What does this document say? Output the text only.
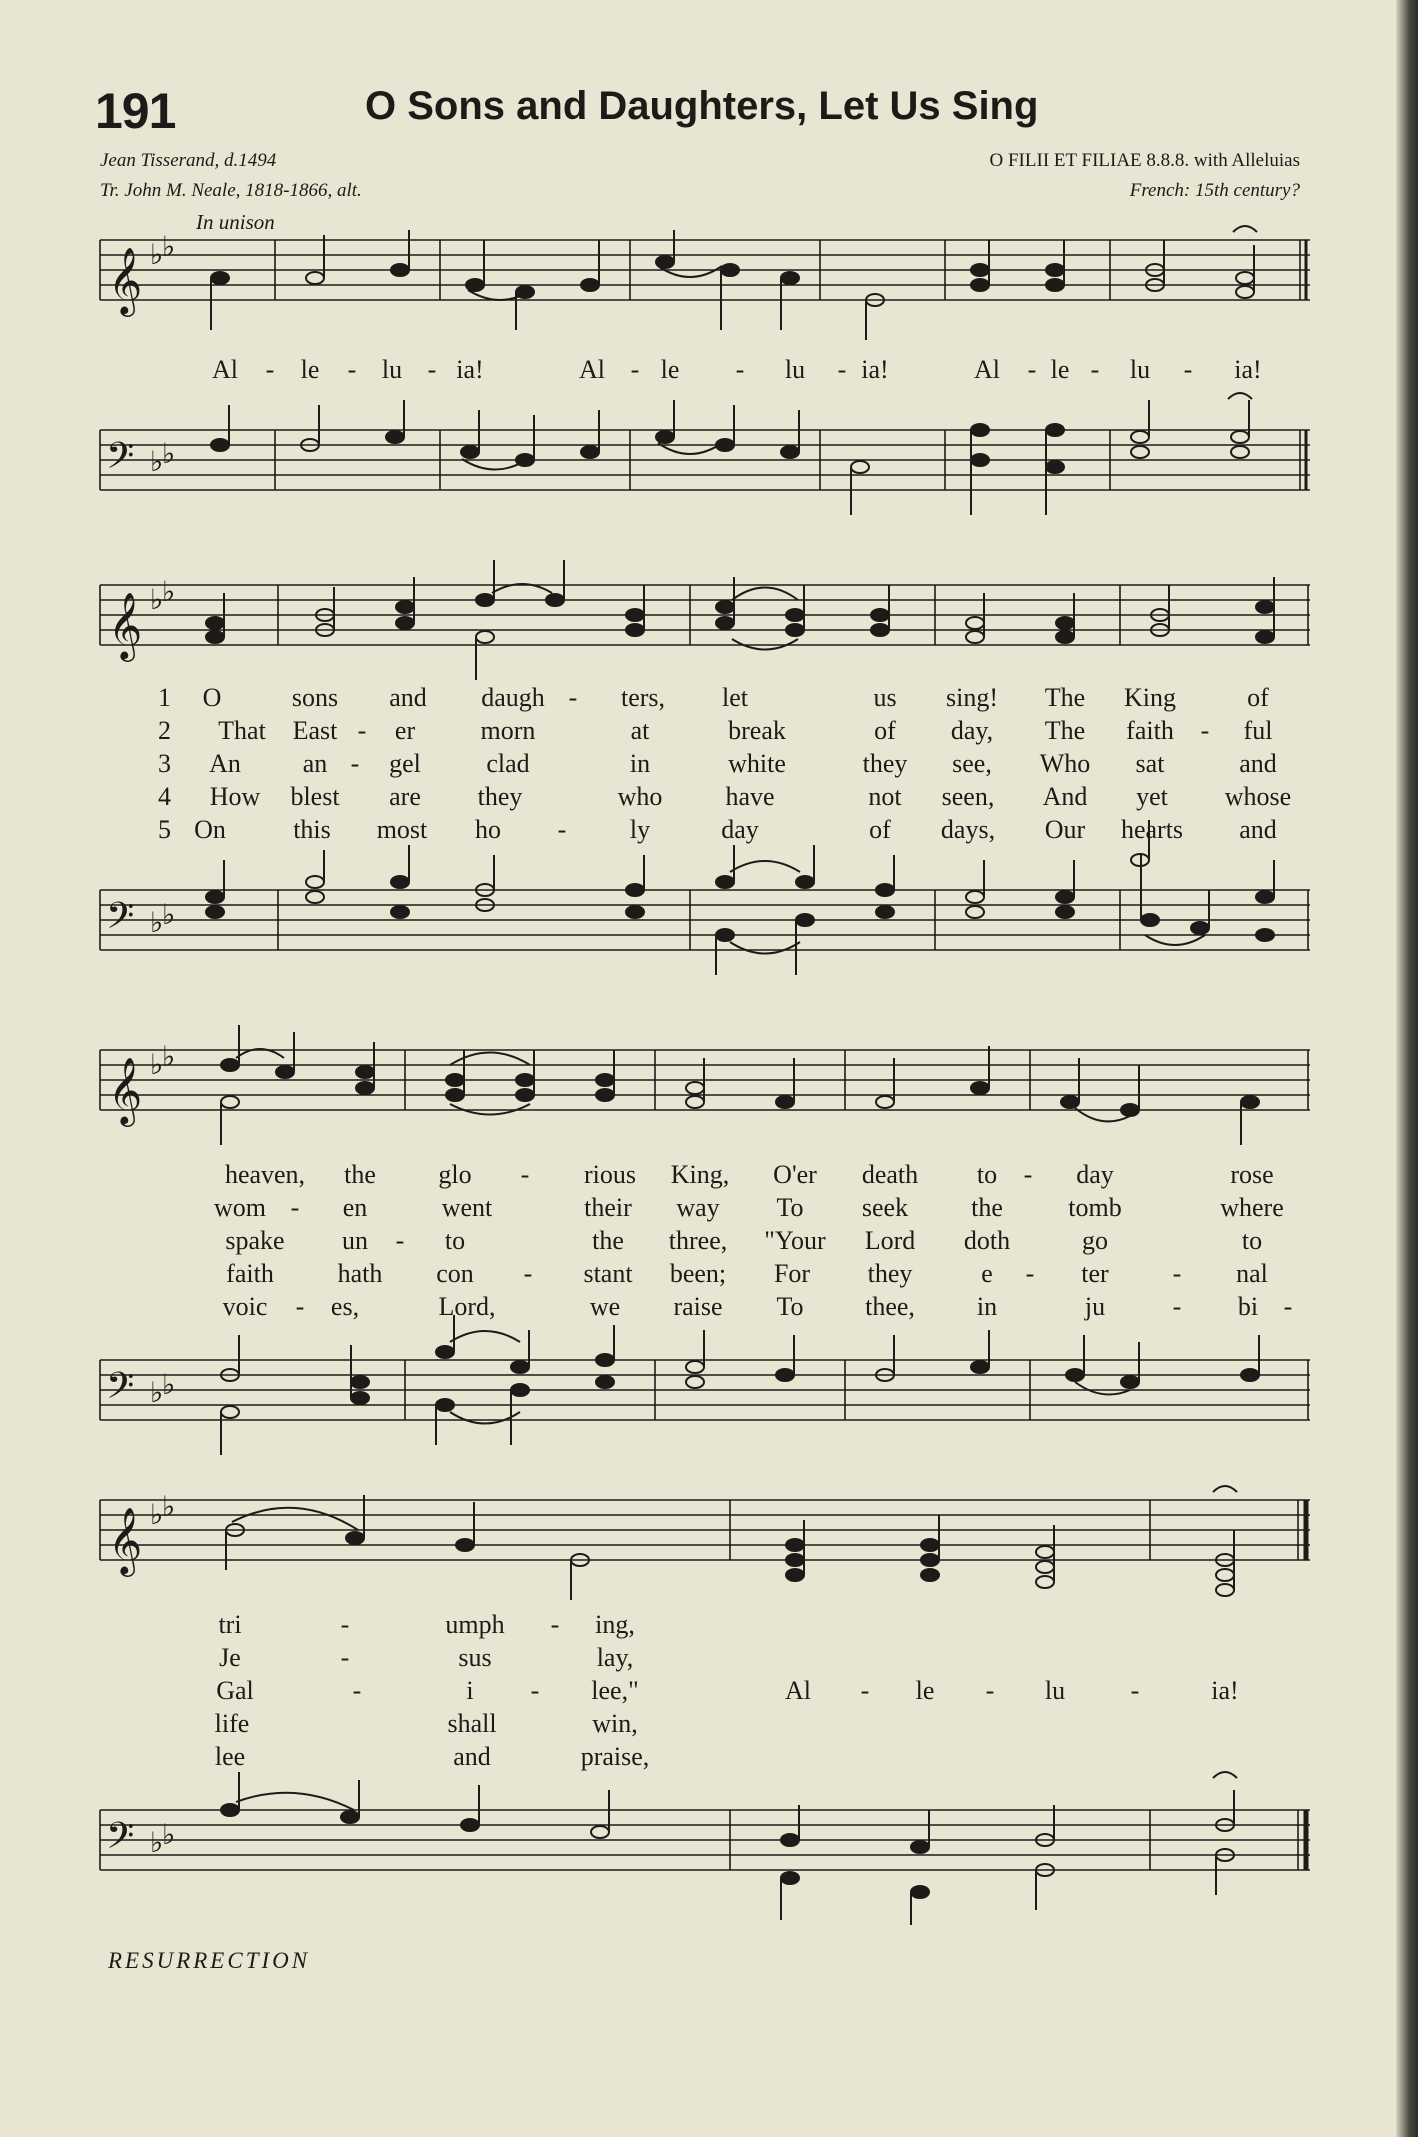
191	O Sons and Daughters, Let Us Sing
Jean Tisserand, d.1494
Tr. John M. Neale, 1818-1866, alt.
O FILII ET FILIAE 8.8.8. with Alleluias
French: 15th century?
In unison
𝄞 ♭
♭
Al - le - lu - ia!	Al - le - lu - ia!	Al - le - lu - ia!
𝄢 ♭
♭
𝄞 ♭
♭
1
2
3
4
5
O	sons and daugh - ters, let	us sing! The King	of
That East - er	morn	at	break	of day, The faith - ful
An an - gel	clad	in	white	they see, Who sat	and
How blest are they	who have	not seen, And yet whose
On	this most ho - ly	day	of days, Our hearts and
𝄢 ♭
♭
𝄞 ♭
♭
heaven, the glo - rious King, O'er death to - day	rose
wom - en	went	their way To seek the	tomb	where
spake un - to	the three, "Your Lord doth	go	to
faith hath con - stant been; For they	e - ter - nal
voic - es,	Lord,	we raise To thee, in	ju	- bi -
𝄢 ♭
♭
𝄞 ♭
♭
tri	-	umph - ing,
Je	-	sus	lay,
Gal	-	i - lee,"
life	shall	win,
lee	and	praise,
Al - le - lu	-	ia!
𝄢 ♭
♭
RESURRECTION
